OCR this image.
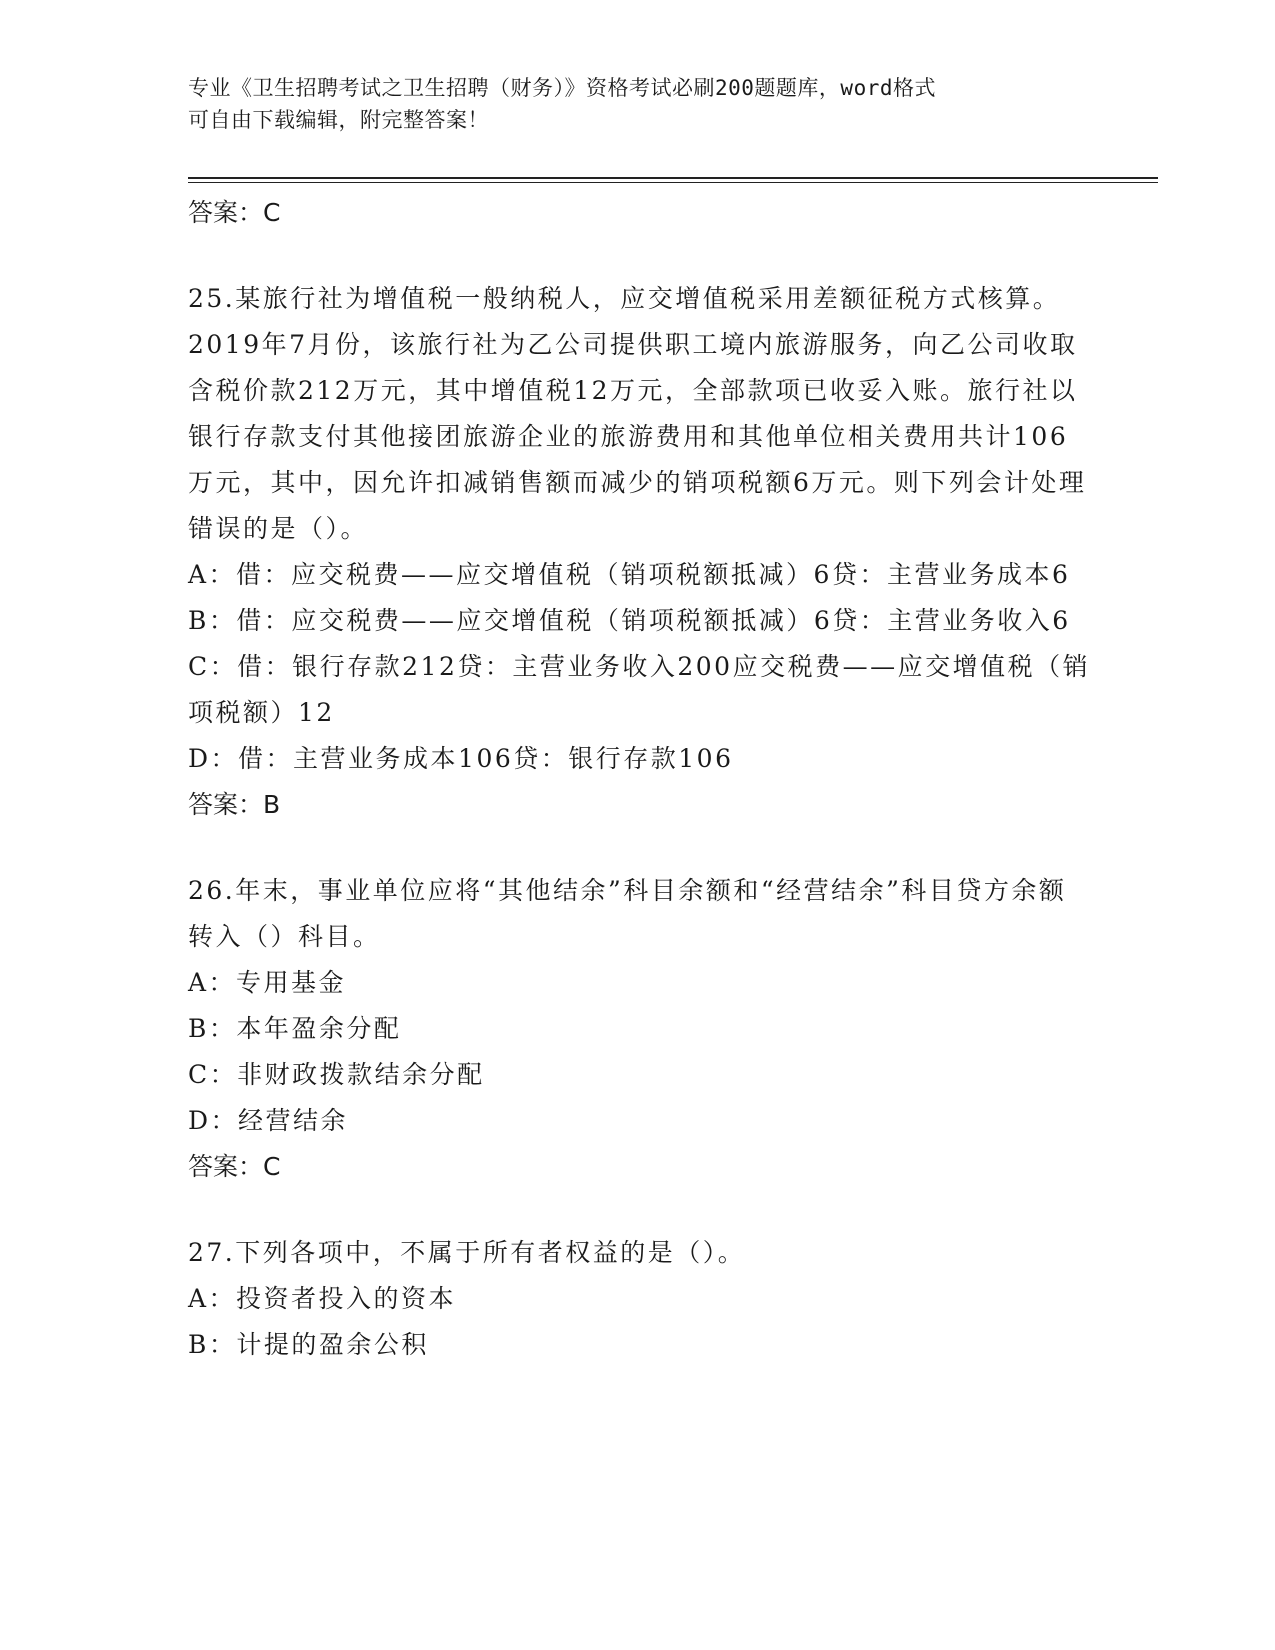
专业《卫生招聘考试之卫生招聘（财务）》资格考试必刷200题题库，word格式
可自由下载编辑，附完整答案！

答案：C

25.某旅行社为增值税一般纳税人，应交增值税采用差额征税方式核算。2019年7月份，该旅行社为乙公司提供职工境内旅游服务，向乙公司收取含税价款212万元，其中增值税12万元，全部款项已收妥入账。旅行社以银行存款支付其他接团旅游企业的旅游费用和其他单位相关费用共计106万元，其中，因允许扣减销售额而减少的销项税额6万元。则下列会计处理错误的是（）。

A：借：应交税费——应交增值税（销项税额抵减）6贷：主营业务成本6

B：借：应交税费——应交增值税（销项税额抵减）6贷：主营业务收入6

C：借：银行存款212贷：主营业务收入200应交税费——应交增值税（销项税额）12

D：借：主营业务成本106贷：银行存款106

答案：B

26.年末，事业单位应将“其他结余”科目余额和“经营结余”科目贷方余额转入（）科目。

A：专用基金

B：本年盈余分配

C：非财政拨款结余分配

D：经营结余

答案：C

27.下列各项中，不属于所有者权益的是（）。

A：投资者投入的资本

B：计提的盈余公积
